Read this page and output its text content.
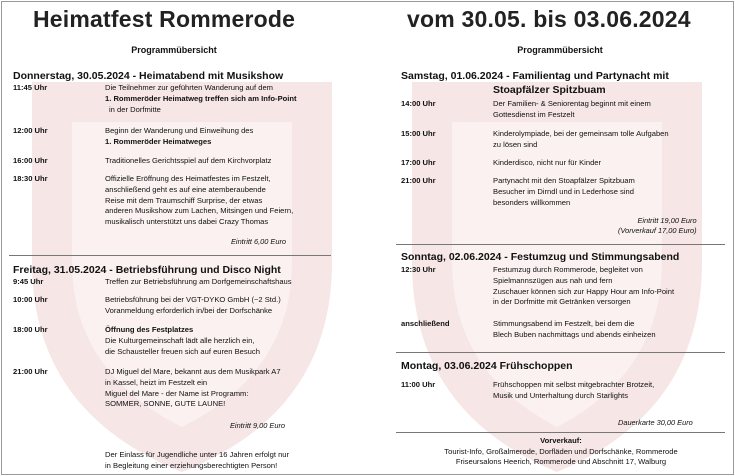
Heimatfest Rommerode	vom 30.05. bis 03.06.2024
Programmübersicht	Programmübersicht
Donnerstag, 30.05.2024 - Heimatabend mit Musikshow
11:45 Uhr	Die Teilnehmer zur geführten Wanderung auf dem
1. Rommeröder Heimatweg treffen sich am Info-Point
in der Dorfmitte
12:00 Uhr	Beginn der Wanderung und Einweihung des
1. Rommeröder Heimatweges
16:00 Uhr	Traditionelles Gerichtsspiel auf dem Kirchvorplatz
18:30 Uhr	Offizielle Eröffnung des Heimatfestes im Festzelt,
anschließend geht es auf eine atemberaubende
Reise mit dem Traumschiff Surprise, der etwas
anderen Musikshow zum Lachen, Mitsingen und Feiern,
musikalisch unterstützt uns dabei Crazy Thomas
Eintritt 6,00 Euro
Freitag, 31.05.2024 - Betriebsführung und Disco Night
9:45 Uhr	Treffen zur Betriebsführung am Dorfgemeinschaftshaus
10:00 Uhr	Betriebsführung bei der VGT-DYKO GmbH (~2 Std.)
Voranmeldung erforderlich in/bei der Dorfschänke
18:00 Uhr	Öffnung des Festplatzes
Die Kulturgemeinschaft lädt alle herzlich ein,
die Schausteller freuen sich auf euren Besuch
21:00 Uhr	DJ Miguel del Mare, bekannt aus dem Musikpark A7
in Kassel, heizt im Festzelt ein
Miguel del Mare - der Name ist Programm:
SOMMER, SONNE, GUTE LAUNE!
Eintritt 9,00 Euro
Der Einlass für Jugendliche unter 16 Jahren erfolgt nur
in Begleitung einer erziehungsberechtigten Person!
Samstag, 01.06.2024 - Familientag und Partynacht mit
Stoapfälzer Spitzbuam
14:00 Uhr	Der Familien- & Seniorentag beginnt mit einem
Gottesdienst im Festzelt
15:00 Uhr	Kinderolympiade, bei der gemeinsam tolle Aufgaben
zu lösen sind
17:00 Uhr	Kinderdisco, nicht nur für Kinder
21:00 Uhr	Partynacht mit den Stoapfälzer Spitzbuam
Besucher im Dirndl und in Lederhose sind
besonders willkommen
Eintritt 19,00 Euro
(Vorverkauf 17,00 Euro)
Sonntag, 02.06.2024 - Festumzug und Stimmungsabend
12:30 Uhr	Festumzug durch Rommerode, begleitet von
Spielmannszügen aus nah und fern
Zuschauer können sich zur Happy Hour am Info-Point
in der Dorfmitte mit Getränken versorgen
anschließend	Stimmungsabend im Festzelt, bei dem die
Blech Buben nachmittags und abends einheizen
Montag, 03.06.2024 Frühschoppen
11:00 Uhr	Frühschoppen mit selbst mitgebrachter Brotzeit,
Musik und Unterhaltung durch Starlights
Dauerkarte 30,00 Euro
Vorverkauf:
Tourist-Info, Großalmerode, Dorfläden und Dorfschänke, Rommerode
Friseursalons Heerich, Rommerode und Abschnitt 17, Walburg
